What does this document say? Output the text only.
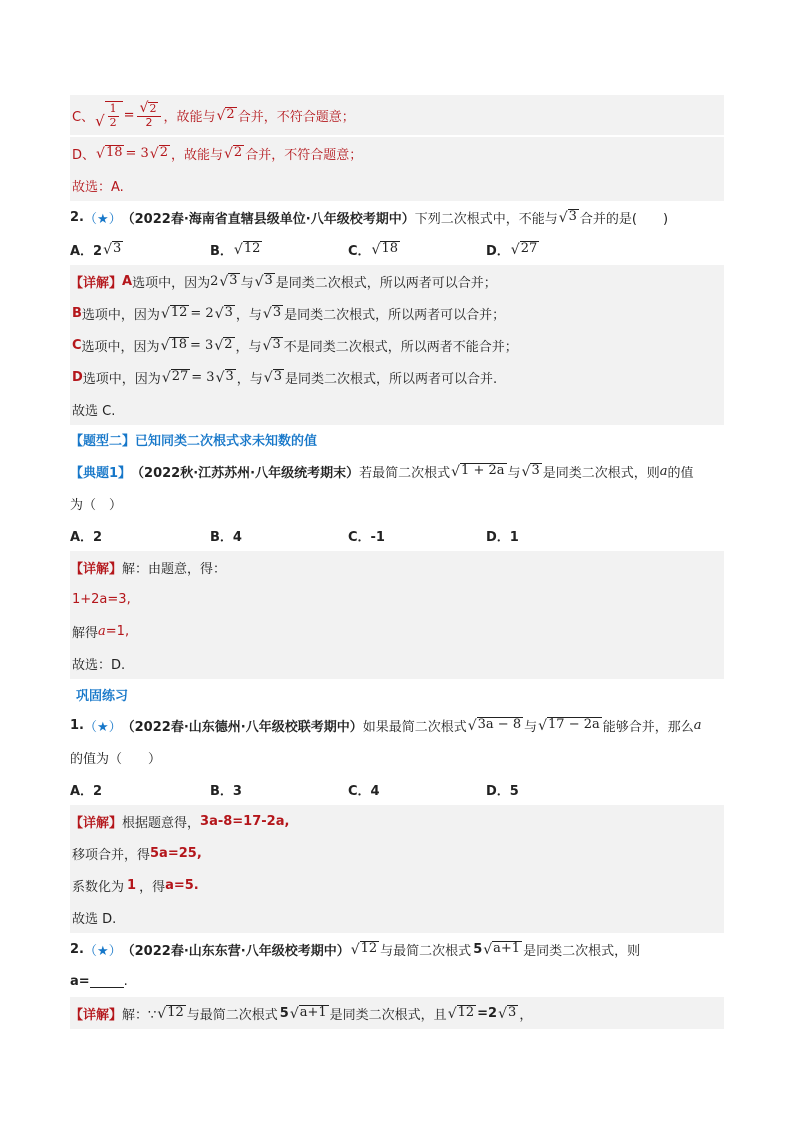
C、 √ $\frac{1}{2} = \frac{√ 2}{2}$ ，故能与 √ 2 合并，不符合题意；
D、 √ 18 = 3 √ 2 ，故能与 √ 2 合并，不符合题意；
故选：A.
2. （★） （2022春·海南省直辖县级单位·八年级校考期中） 下列二次根式中，不能与 √ 3 合并的是(　　)
A．2 √ 3	B． √ 12	C． √ 18	D． √ 27
【详解】 A 选项中，因为 2 √ 3 与 √ 3 是同类二次根式，所以两者可以合并；
B 选项中，因为 √ 12 = 2 √ 3 ，与 √ 3 是同类二次根式，所以两者可以合并；
C 选项中，因为 √ 18 = 3 √ 2 ，与 √ 3 不是同类二次根式，所以两者不能合并；
D 选项中，因为 √ 27 = 3 √ 3 ，与 √ 3 是同类二次根式，所以两者可以合并.
故选 C.
【题型二】已知同类二次根式求未知数的值
【典题1】 （2022秋·江苏苏州·八年级统考期末） 若最简二次根式 √ 1 + 2a 与 √ 3 是同类二次根式，则 a 的值
为（　）
A．2	B．4	C．-1	D．1
【详解】 解：由题意，得：
1+2a=3,
解得 a =1,
故选：D.
巩固练习
1. （★） （2022春·山东德州·八年级校联考期中） 如果最简二次根式 √ 3a − 8 与 √ 17 − 2a 能够合并，那么 a
的值为（　　）
A．2	B．3	C．4	D．5
【详解】 根据题意得， 3a-8=17-2a,
移项合并，得 5a=25,
系数化为 1 ，得 a=5.
故选 D.
2. （★） （2022春·山东东营·八年级校考期中） √ 12 与最简二次根式 5 √ a+1 是同类二次根式，则
a=	.
【详解】 解：∵ √ 12 与最简二次根式 5 √ a+1 是同类二次根式，且 √ 12 =2 √ 3 ，
